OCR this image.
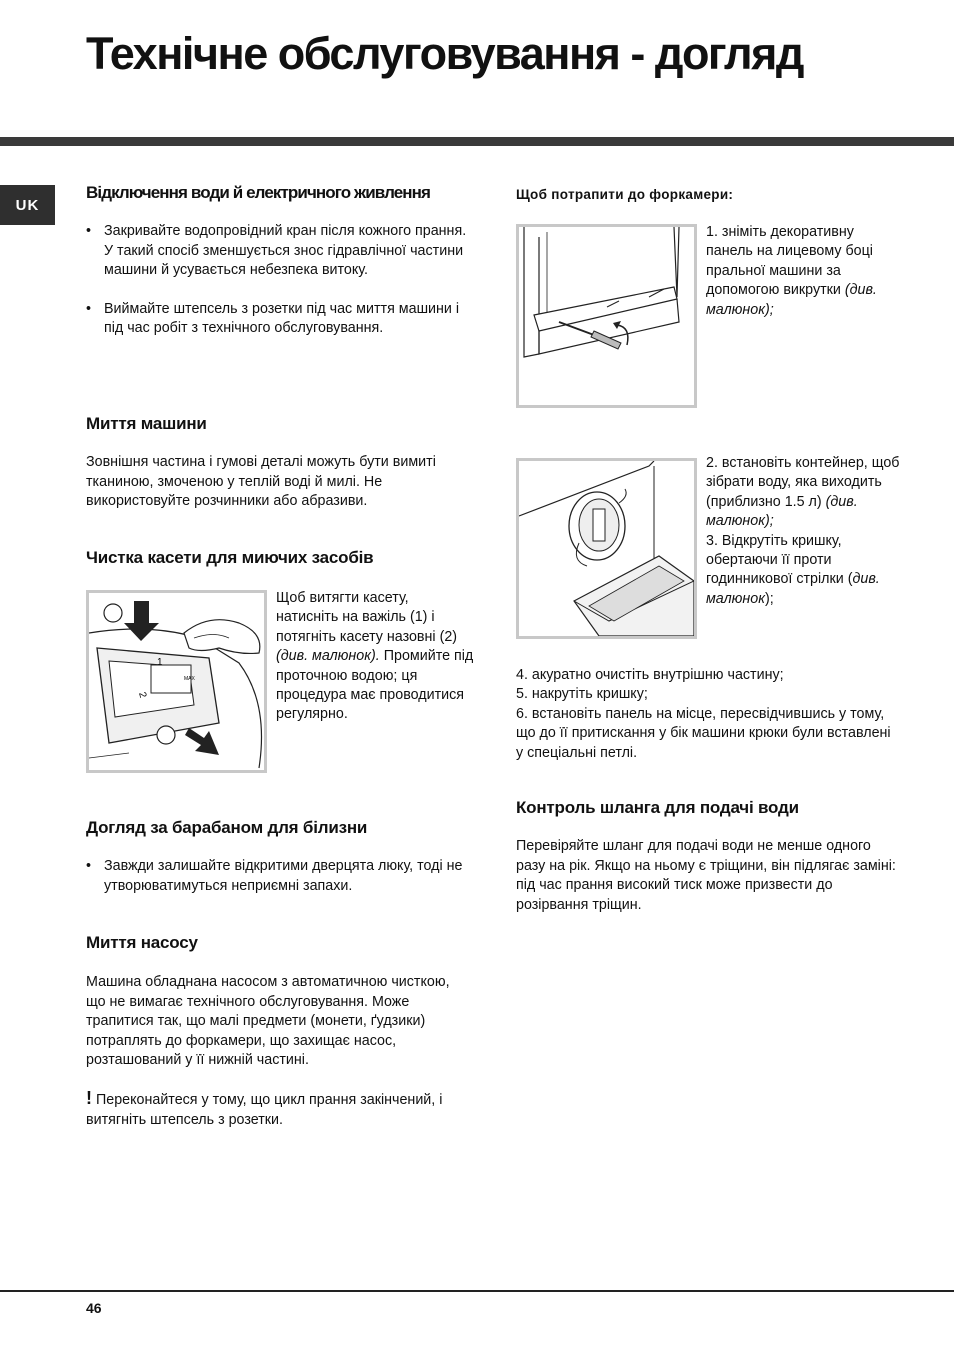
Технічне обслуговування - догляд
UK
Відключення води й електричного живлення

• Закривайте водопровідний кран після кожного прання. У такий спосіб зменшується знос гідравлічної частини машини й усувається небезпека витоку.

• Виймайте штепсель з розетки під час миття машини і під час робіт з технічного обслуговування.

Миття машини

Зовнішня частина і гумові деталі можуть бути вимиті тканиною, змоченою у теплій воді й милі. Не використовуйте розчинники або абразиви.

Чистка касети для миючих засобів
MAX
1
2

Щоб витягти касету, натисніть на важіль (1) і потягніть касету назовні (2) (див. малюнок). Промийте під проточною водою; ця процедура має проводитися регулярно.

Догляд за барабаном для білизни

• Завжди залишайте відкритими дверцята люку, тоді не утворюватимуться неприємні запахи.

Миття насосу

Машина обладнана насосом з автоматичною чисткою, що не вимагає технічного обслуговування. Може трапитися так, що малі предмети (монети, ґудзики) потраплять до форкамери, що захищає насос, розташований у її нижній частині.

! Переконайтеся у тому, що цикл прання закінчений, і витягніть штепсель з розетки.

Щоб потрапити до форкамери:

1. зніміть декоративну панель на лицевому боці пральної машини за допомогою викрутки (див. малюнок);

2. встановіть контейнер, щоб зібрати воду, яка виходить (приблизно 1.5 л) (див. малюнок);

3. Відкрутіть кришку, обертаючи її проти годинникової стрілки (див. малюнок);

4. акуратно очистіть внутрішню частину;

5. накрутіть кришку;

6. встановіть панель на місце, пересвідчившись у тому, що до її притискання у бік машини крюки були вставлені у спеціальні петлі.

Контроль шланга для подачі води

Перевіряйте шланг для подачі води не менше одного разу на рік. Якщо на ньому є тріщини, він підлягає заміні: під час прання високий тиск може призвести до розірвання тріщин.

46
